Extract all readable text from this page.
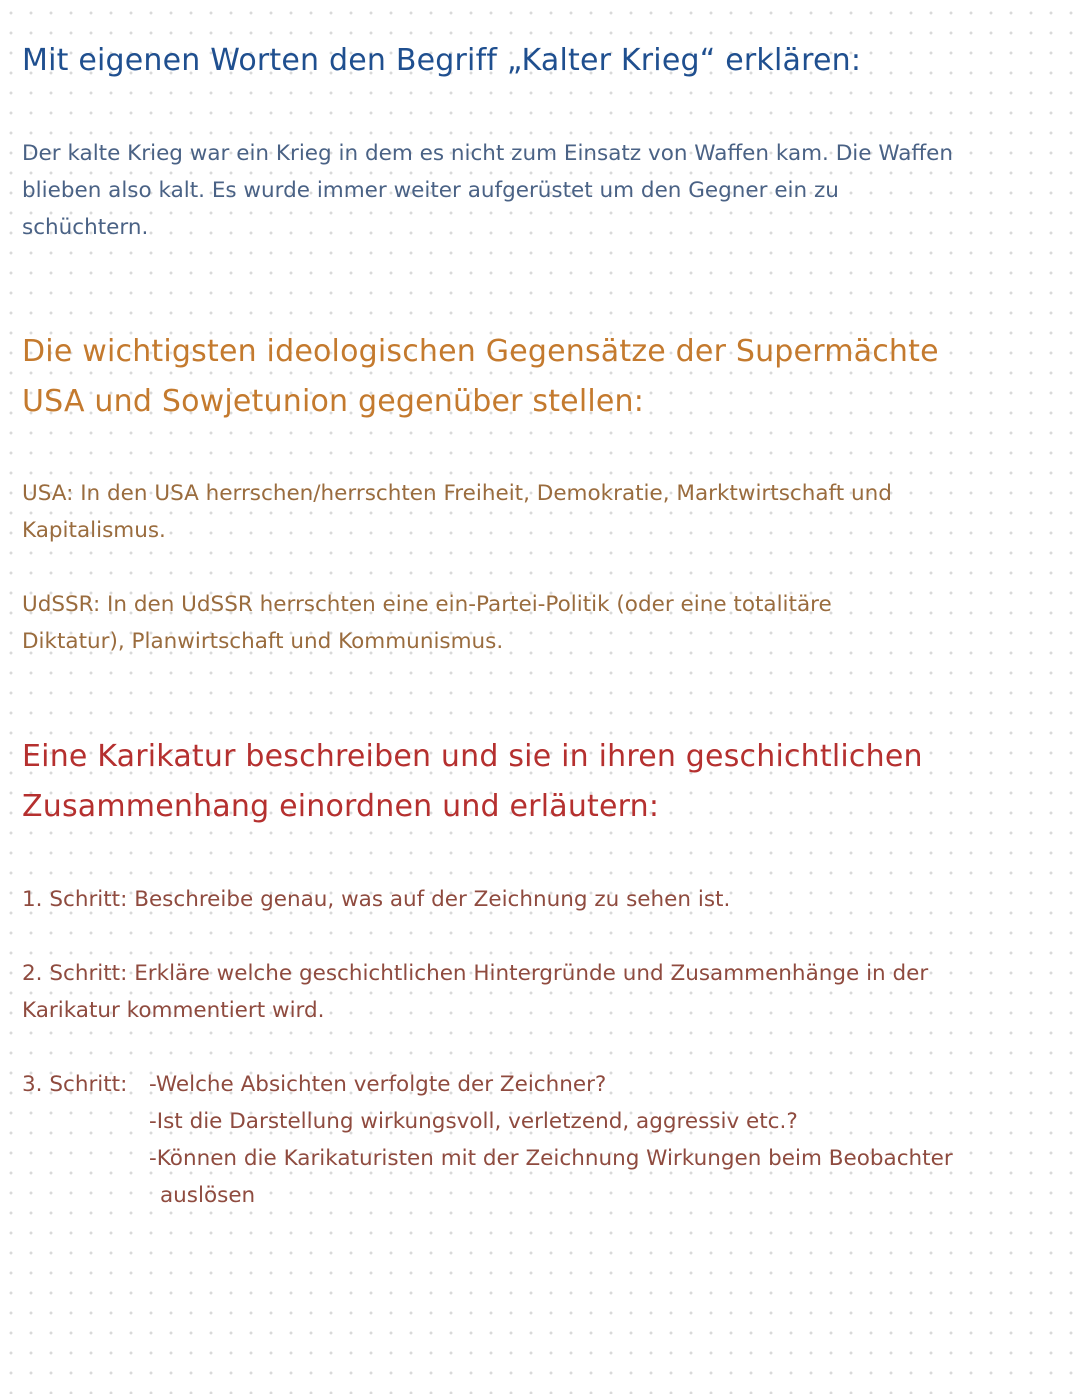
Mit eigenen Worten den Begriff „Kalter Krieg“ erklären:
Der kalte Krieg war ein Krieg in dem es nicht zum Einsatz von Waffen kam. Die Waffen
blieben also kalt. Es wurde immer weiter aufgerüstet um den Gegner ein zu
schüchtern.
Die wichtigsten ideologischen Gegensätze der Supermächte
USA und Sowjetunion gegenüber stellen:
USA: In den USA herrschen/herrschten Freiheit, Demokratie, Marktwirtschaft und
Kapitalismus.
UdSSR: In den UdSSR herrschten eine ein-Partei-Politik (oder eine totalitäre
Diktatur), Planwirtschaft und Kommunismus.
Eine Karikatur beschreiben und sie in ihren geschichtlichen
Zusammenhang einordnen und erläutern:
1. Schritt: Beschreibe genau, was auf der Zeichnung zu sehen ist.
2. Schritt: Erkläre welche geschichtlichen Hintergründe und Zusammenhänge in der
Karikatur kommentiert wird.
3. Schritt: -Welche Absichten verfolgte der Zeichner?
-Ist die Darstellung wirkungsvoll, verletzend, aggressiv etc.?
-Können die Karikaturisten mit der Zeichnung Wirkungen beim Beobachter
auslösen
